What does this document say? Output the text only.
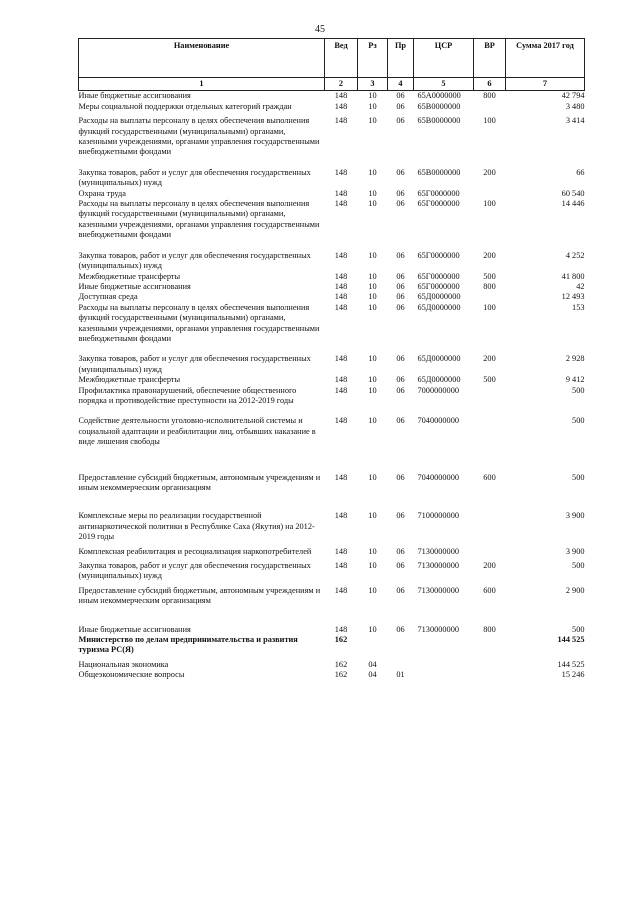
45
Наименование	Вед	Рз	Пр	ЦСР	ВР	Сумма 2017 год
1	2	3	4	5	6	7
Иные бюджетные ассигнования	148	10	06	65А0000000	800	42 794
Меры социальной поддержки отдельных категорий граждан	148	10	06	65В0000000		3 480
Расходы на выплаты персоналу в целях обеспечения выполнения функций государственными (муниципальными) органами, казенными учреждениями, органами управления государственными внебюджетными фондами	148	10	06	65В0000000	100	3 414
Закупка товаров, работ и услуг для обеспечения государственных (муниципальных) нужд	148	10	06	65В0000000	200	66
Охрана труда	148	10	06	65Г0000000		60 540
Расходы на выплаты персоналу в целях обеспечения выполнения функций государственными (муниципальными) органами, казенными учреждениями, органами управления государственными внебюджетными фондами	148	10	06	65Г0000000	100	14 446
Закупка товаров, работ и услуг для обеспечения государственных (муниципальных) нужд	148	10	06	65Г0000000	200	4 252
Межбюджетные трансферты	148	10	06	65Г0000000	500	41 800
Иные бюджетные ассигнования	148	10	06	65Г0000000	800	42
Доступная среда	148	10	06	65Д0000000		12 493
Расходы на выплаты персоналу в целях обеспечения выполнения функций государственными (муниципальными) органами, казенными учреждениями, органами управления государственными внебюджетными фондами	148	10	06	65Д0000000	100	153
Закупка товаров, работ и услуг для обеспечения государственных (муниципальных) нужд	148	10	06	65Д0000000	200	2 928
Межбюджетные трансферты	148	10	06	65Д0000000	500	9 412
Профилактика правонарушений, обеспечение общественного порядка и противодействие преступности на 2012-2019 годы	148	10	06	7000000000		500
Содействие деятельности уголовно-исполнительной системы и социальной адаптации и реабилитации лиц, отбывших наказание в виде лишения свободы	148	10	06	7040000000		500
Предоставление субсидий бюджетным, автономным учреждениям и иным некоммерческим организациям	148	10	06	7040000000	600	500
Комплексные меры по реализации государственной антинаркотической политики в Республике Саха (Якутия) на 2012-2019 годы	148	10	06	7100000000		3 900
Комплексная реабилитация и ресоциализация наркопотребителей	148	10	06	7130000000		3 900
Закупка товаров, работ и услуг для обеспечения государственных (муниципальных) нужд	148	10	06	7130000000	200	500
Предоставление субсидий бюджетным, автономным учреждениям и иным некоммерческим организациям	148	10	06	7130000000	600	2 900
Иные бюджетные ассигнования	148	10	06	7130000000	800	500
Министерство по делам предпринимательства и развития туризма РС(Я)	162					144 525
Национальная экономика	162	04				144 525
Общеэкономические вопросы	162	04	01			15 246
